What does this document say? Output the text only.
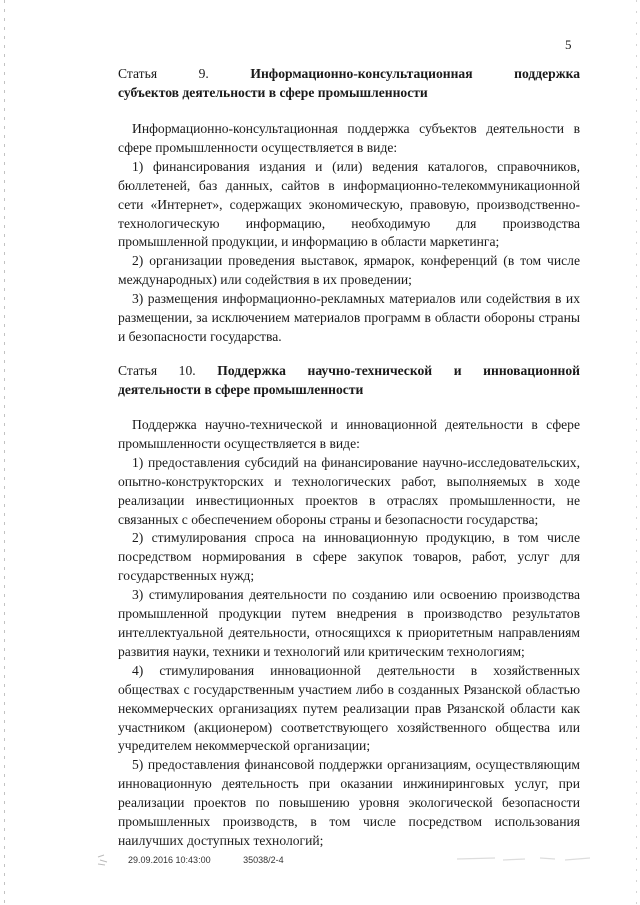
5
Статья 9.	Информационно-консультационная поддержка
субъектов деятельности в сфере промышленности

Информационно-консультационная поддержка субъектов деятельности в сфере промышленности осуществляется в виде:

1) финансирования издания и (или) ведения каталогов, справочников, бюллетеней, баз данных, сайтов в информационно-телекоммуникационной сети «Интернет», содержащих экономическую, правовую, производственно-технологическую информацию, необходимую для производства промышленной продукции, и информацию в области маркетинга;

2) организации проведения выставок, ярмарок, конференций (в том числе международных) или содействия в их проведении;

3) размещения информационно-рекламных материалов или содействия в их размещении, за исключением материалов программ в области обороны страны и безопасности государства.

Статья 10. Поддержка научно-технической и инновационной
деятельности в сфере промышленности

Поддержка научно-технической и инновационной деятельности в сфере промышленности осуществляется в виде:

1) предоставления субсидий на финансирование научно-исследовательских, опытно-конструкторских и технологических работ, выполняемых в ходе реализации инвестиционных проектов в отраслях промышленности, не связанных с обеспечением обороны страны и безопасности государства;

2) стимулирования спроса на инновационную продукцию, в том числе посредством нормирования в сфере закупок товаров, работ, услуг для государственных нужд;

3) стимулирования деятельности по созданию или освоению производства промышленной продукции путем внедрения в производство результатов интеллектуальной деятельности, относящихся к приоритетным направлениям развития науки, техники и технологий или критическим технологиям;

4) стимулирования инновационной деятельности в хозяйственных обществах с государственным участием либо в созданных Рязанской областью некоммерческих организациях путем реализации прав Рязанской области как участником (акционером) соответствующего хозяйственного общества или учредителем некоммерческой организации;

5) предоставления финансовой поддержки организациям, осуществляющим инновационную деятельность при оказании инжиниринговых услуг, при реализации проектов по повышению уровня экологической безопасности промышленных производств, в том числе посредством использования наилучших доступных технологий;

29.09.2016 10:43:00	35038/2-4
